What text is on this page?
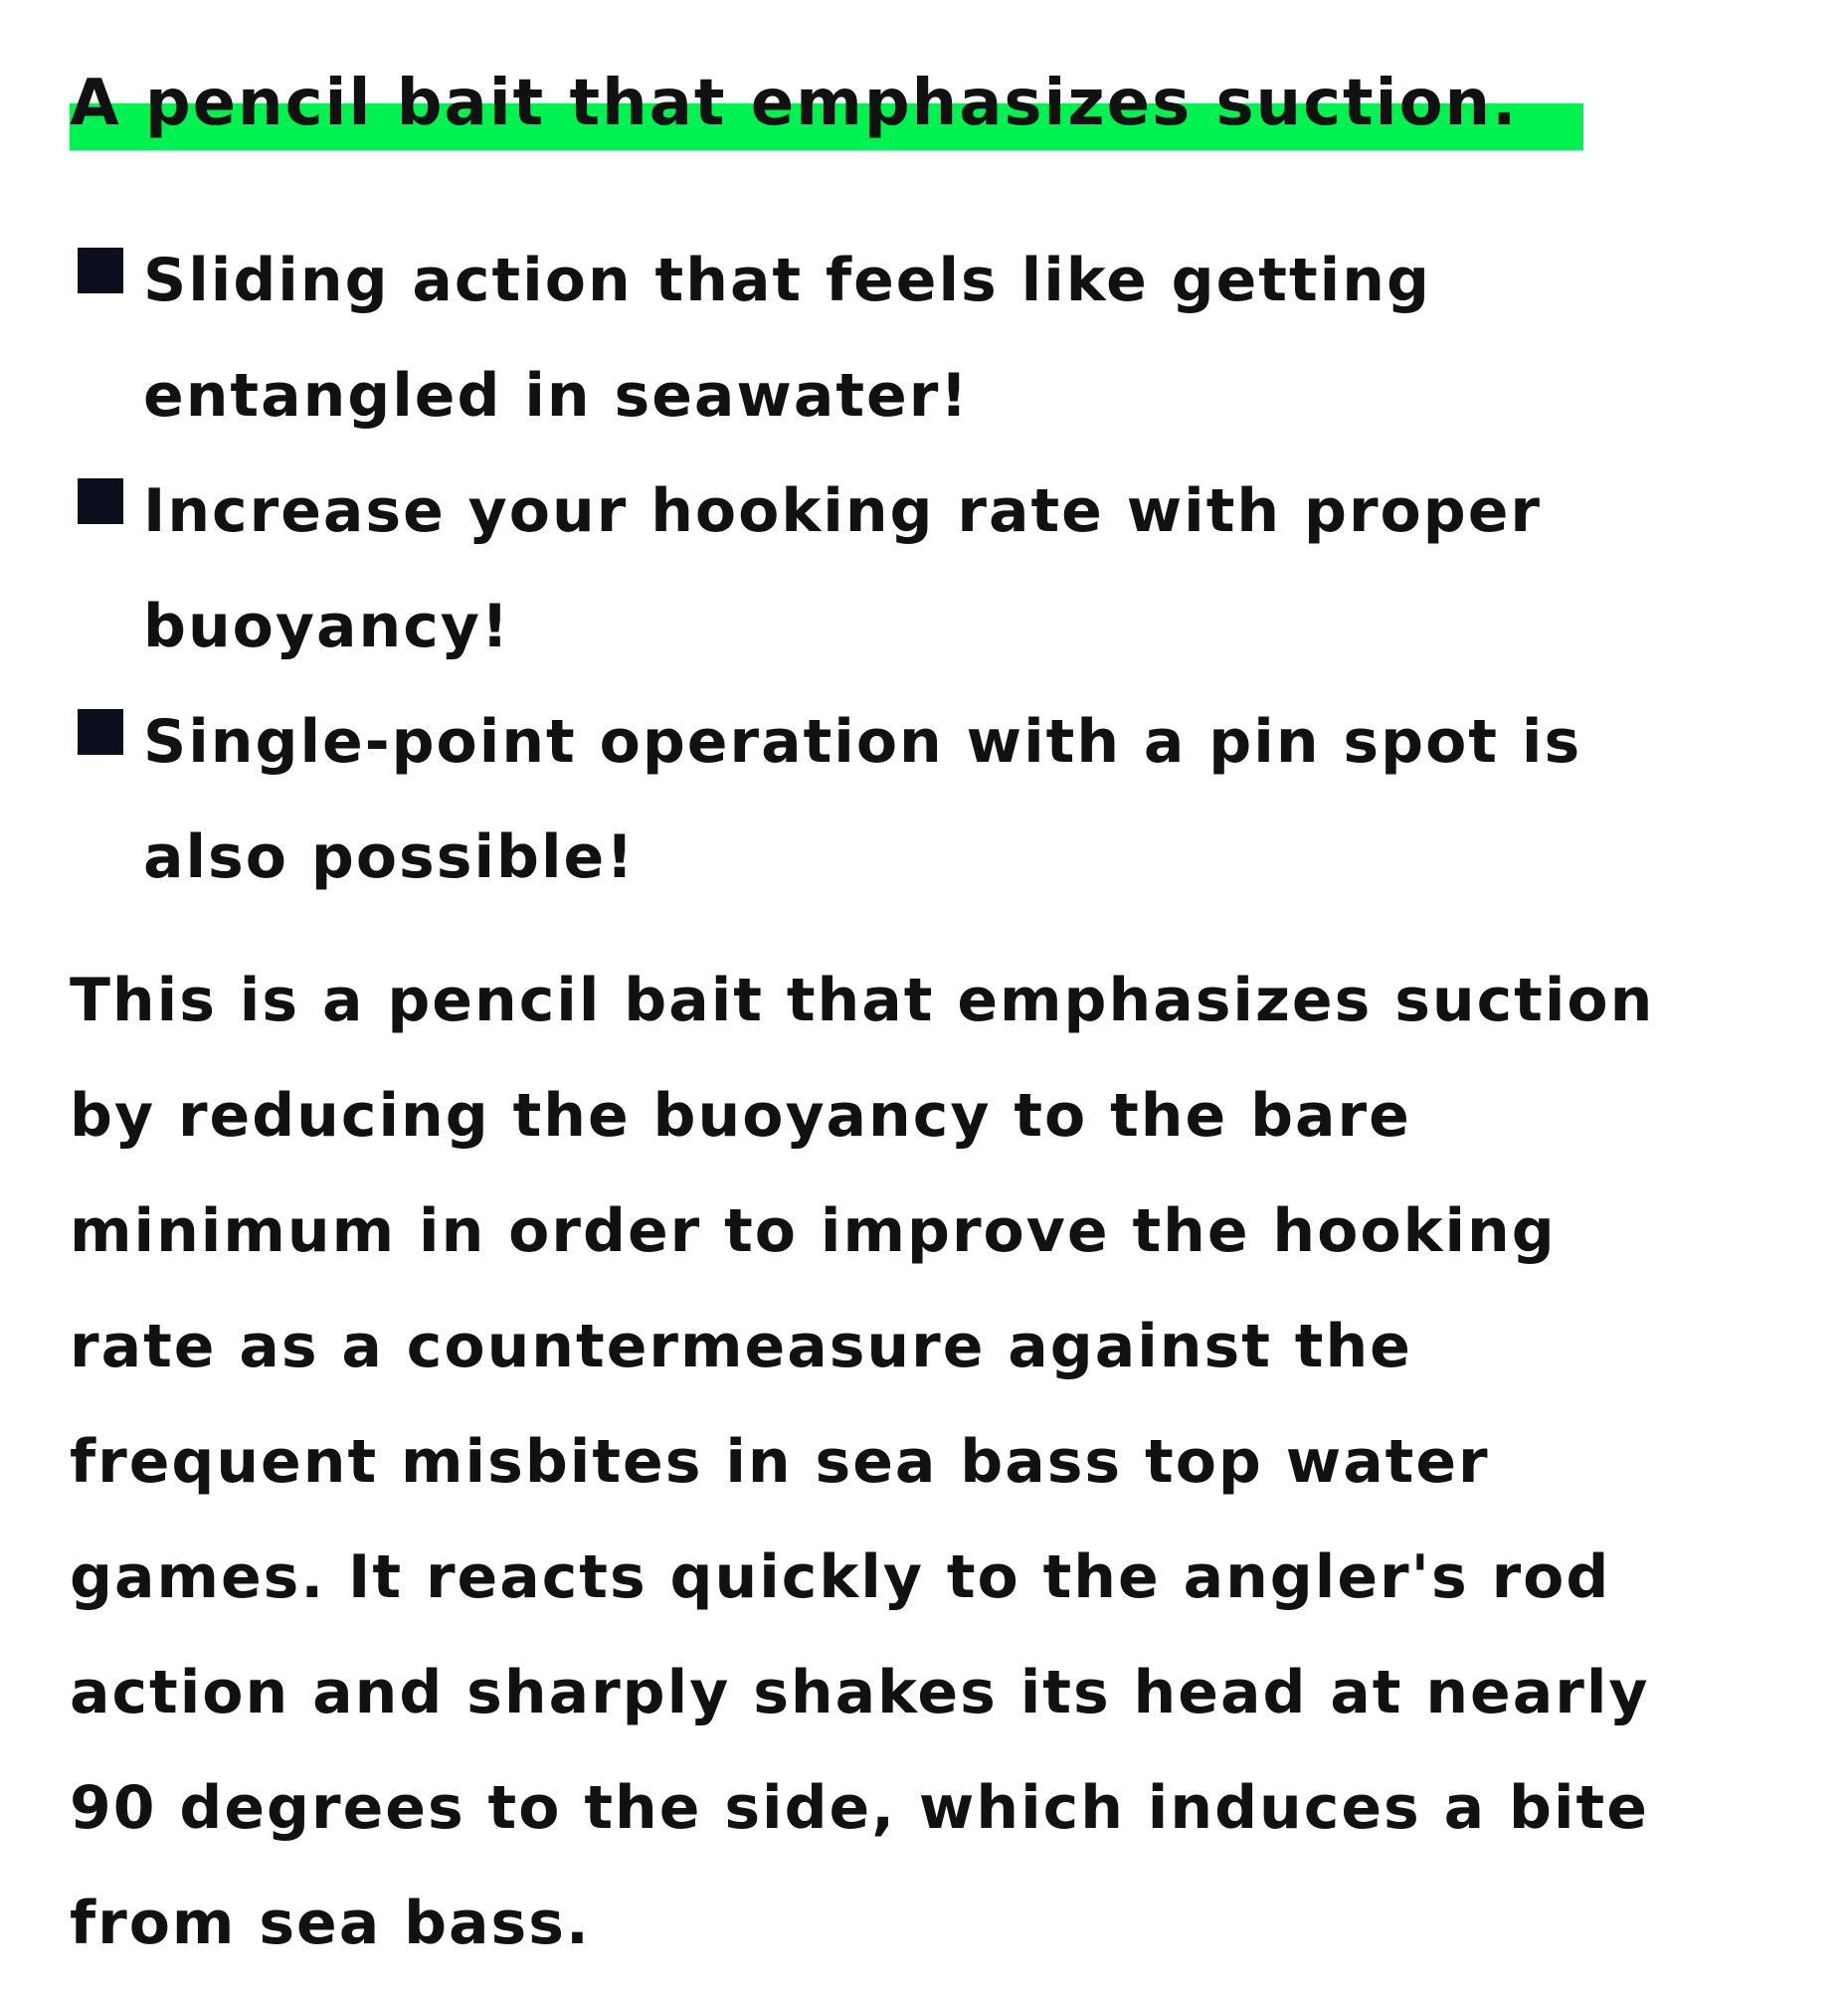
A pencil bait that emphasizes suction.
Sliding action that feels like getting entangled in seawater!
Increase your hooking rate with proper buoyancy!
Single-point operation with a pin spot is also possible!

This is a pencil bait that emphasizes suction by reducing the buoyancy to the bare minimum in order to improve the hooking rate as a countermeasure against the frequent misbites in sea bass top water games. It reacts quickly to the angler's rod action and sharply shakes its head at nearly 90 degrees to the side, which induces a bite from sea bass.
